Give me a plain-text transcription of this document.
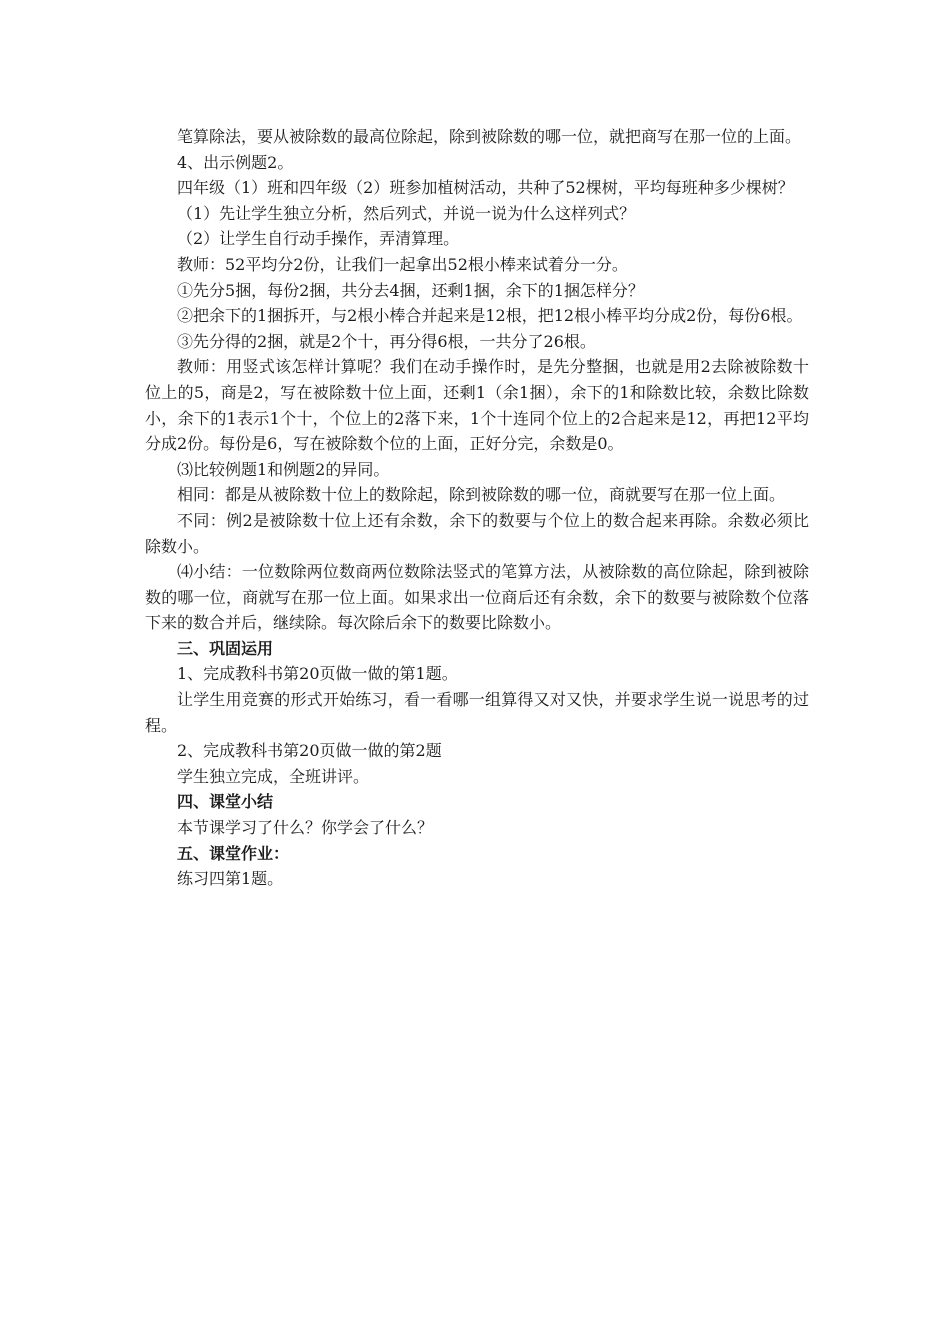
笔算除法，要从被除数的最高位除起，除到被除数的哪一位，就把商写在那一位的上面。

4、出示例题2。

四年级（1）班和四年级（2）班参加植树活动，共种了52棵树，平均每班种多少棵树？

（1）先让学生独立分析，然后列式，并说一说为什么这样列式？

（2）让学生自行动手操作，弄清算理。

教师：52平均分2份，让我们一起拿出52根小棒来试着分一分。

①先分5捆，每份2捆，共分去4捆，还剩1捆，余下的1捆怎样分？

②把余下的1捆拆开，与2根小棒合并起来是12根，把12根小棒平均分成2份，每份6根。

③先分得的2捆，就是2个十，再分得6根，一共分了26根。

教师：用竖式该怎样计算呢？我们在动手操作时，是先分整捆，也就是用2去除被除数十位上的5，商是2，写在被除数十位上面，还剩1（余1捆），余下的1和除数比较，余数比除数小，余下的1表示1个十，个位上的2落下来，1个十连同个位上的2合起来是12，再把12平均分成2份。每份是6，写在被除数个位的上面，正好分完，余数是0。

⑶比较例题1和例题2的异同。

相同：都是从被除数十位上的数除起，除到被除数的哪一位，商就要写在那一位上面。

不同：例2是被除数十位上还有余数，余下的数要与个位上的数合起来再除。余数必须比除数小。

⑷小结：一位数除两位数商两位数除法竖式的笔算方法，从被除数的高位除起，除到被除数的哪一位，商就写在那一位上面。如果求出一位商后还有余数，余下的数要与被除数个位落下来的数合并后，继续除。每次除后余下的数要比除数小。

三、巩固运用

1、完成教科书第20页做一做的第1题。

让学生用竞赛的形式开始练习，看一看哪一组算得又对又快，并要求学生说一说思考的过程。

2、完成教科书第20页做一做的第2题

学生独立完成，全班讲评。

四、课堂小结

本节课学习了什么？你学会了什么？

五、课堂作业：

练习四第1题。
